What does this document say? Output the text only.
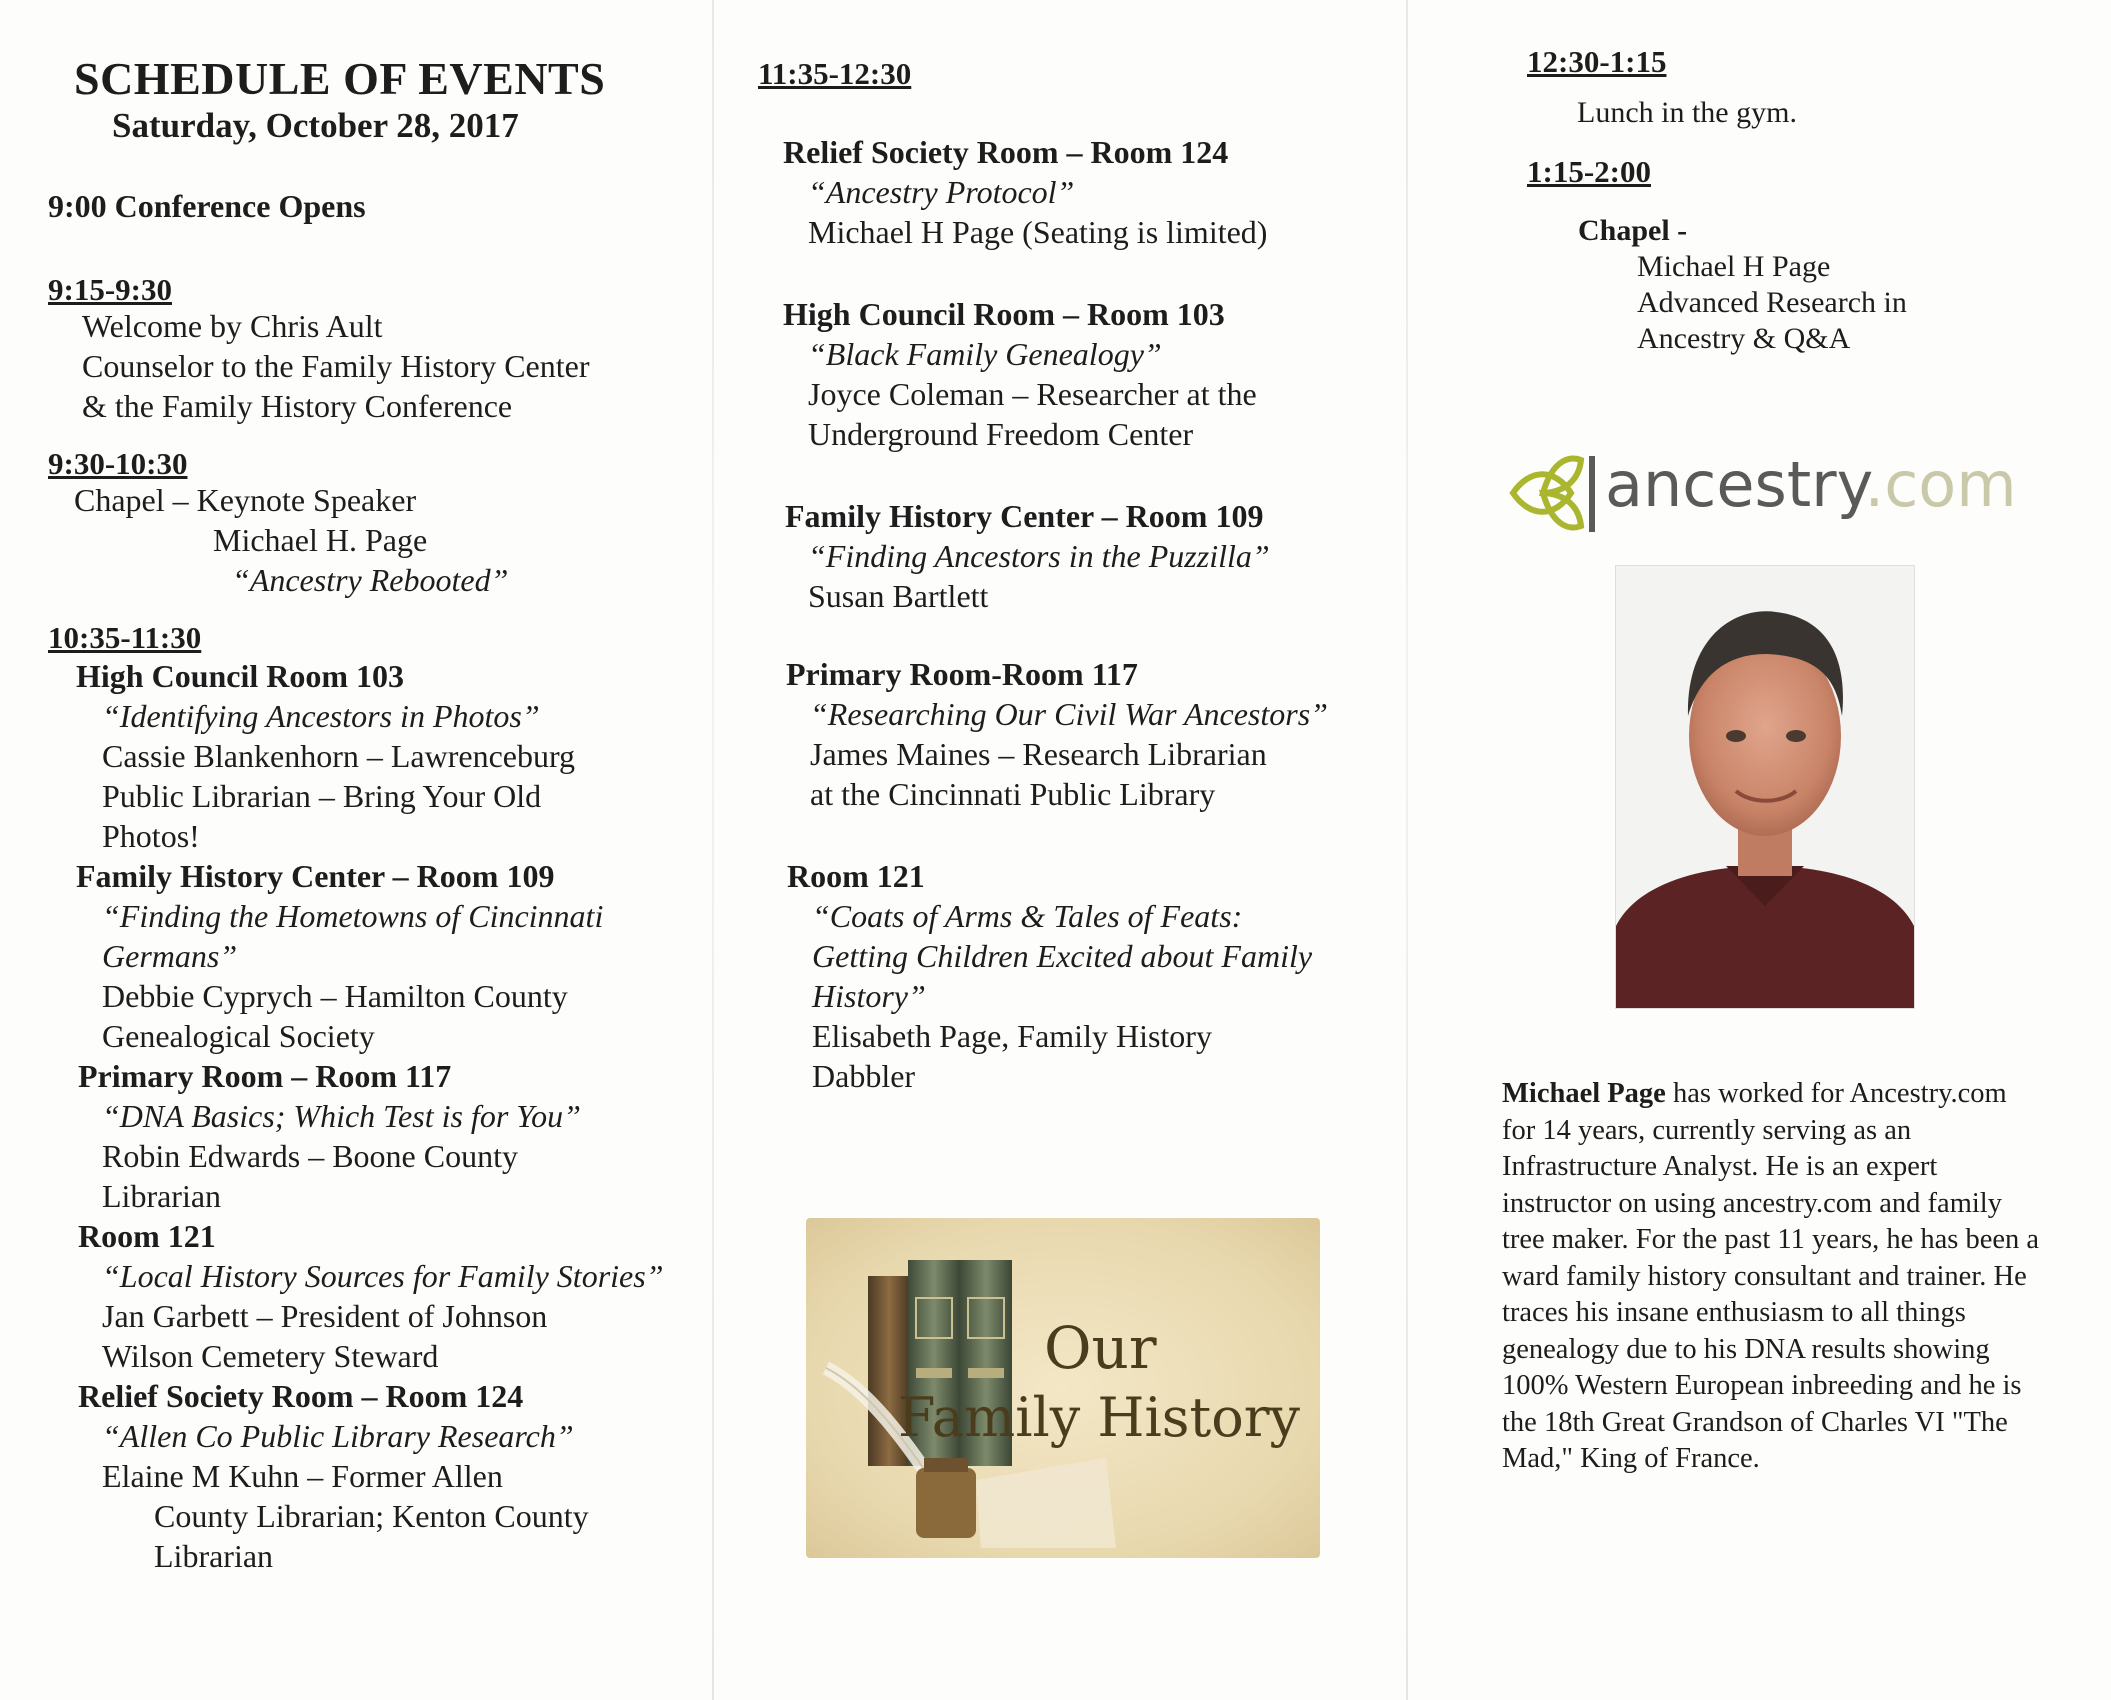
SCHEDULE OF EVENTS
Saturday, October 28, 2017
9:00 Conference Opens
9:15-9:30
Welcome by Chris Ault
Counselor to the Family History Center
& the Family History Conference
9:30-10:30
Chapel – Keynote Speaker
Michael H. Page
“Ancestry Rebooted”
10:35-11:30
High Council Room 103
“Identifying Ancestors in Photos”
Cassie Blankenhorn – Lawrenceburg
Public Librarian – Bring Your Old
Photos!
Family History Center – Room 109
“Finding the Hometowns of Cincinnati
Germans”
Debbie Cyprych – Hamilton County
Genealogical Society
Primary Room – Room 117
“DNA Basics; Which Test is for You”
Robin Edwards – Boone County
Librarian
Room 121
“Local History Sources for Family Stories”
Jan Garbett – President of Johnson
Wilson Cemetery Steward
Relief Society Room – Room 124
“Allen Co Public Library Research”
Elaine M Kuhn – Former Allen
County Librarian; Kenton County
Librarian
11:35-12:30
Relief Society Room – Room 124
“Ancestry Protocol”
Michael H Page (Seating is limited)
High Council Room – Room 103
“Black Family Genealogy”
Joyce Coleman – Researcher at the
Underground Freedom Center
Family History Center – Room 109
“Finding Ancestors in the Puzzilla”
Susan Bartlett
Primary Room-Room 117
“Researching Our Civil War Ancestors”
James Maines – Research Librarian
at the Cincinnati Public Library
Room 121
“Coats of Arms & Tales of Feats:
Getting Children Excited about Family
History”
Elisabeth Page, Family History
Dabbler
Our
Family History
12:30-1:15
Lunch in the gym.
1:15-2:00
Chapel -
Michael H Page
Advanced Research in
Ancestry & Q&A
ancestry.com
Michael Page has worked for Ancestry.com for 14 years, currently serving as an Infrastructure Analyst. He is an expert instructor on using ancestry.com and family tree maker. For the past 11 years, he has been a ward family history consultant and trainer. He traces his insane enthusiasm to all things genealogy due to his DNA results showing 100% Western European inbreeding and he is the 18th Great Grandson of Charles VI "The Mad," King of France.
